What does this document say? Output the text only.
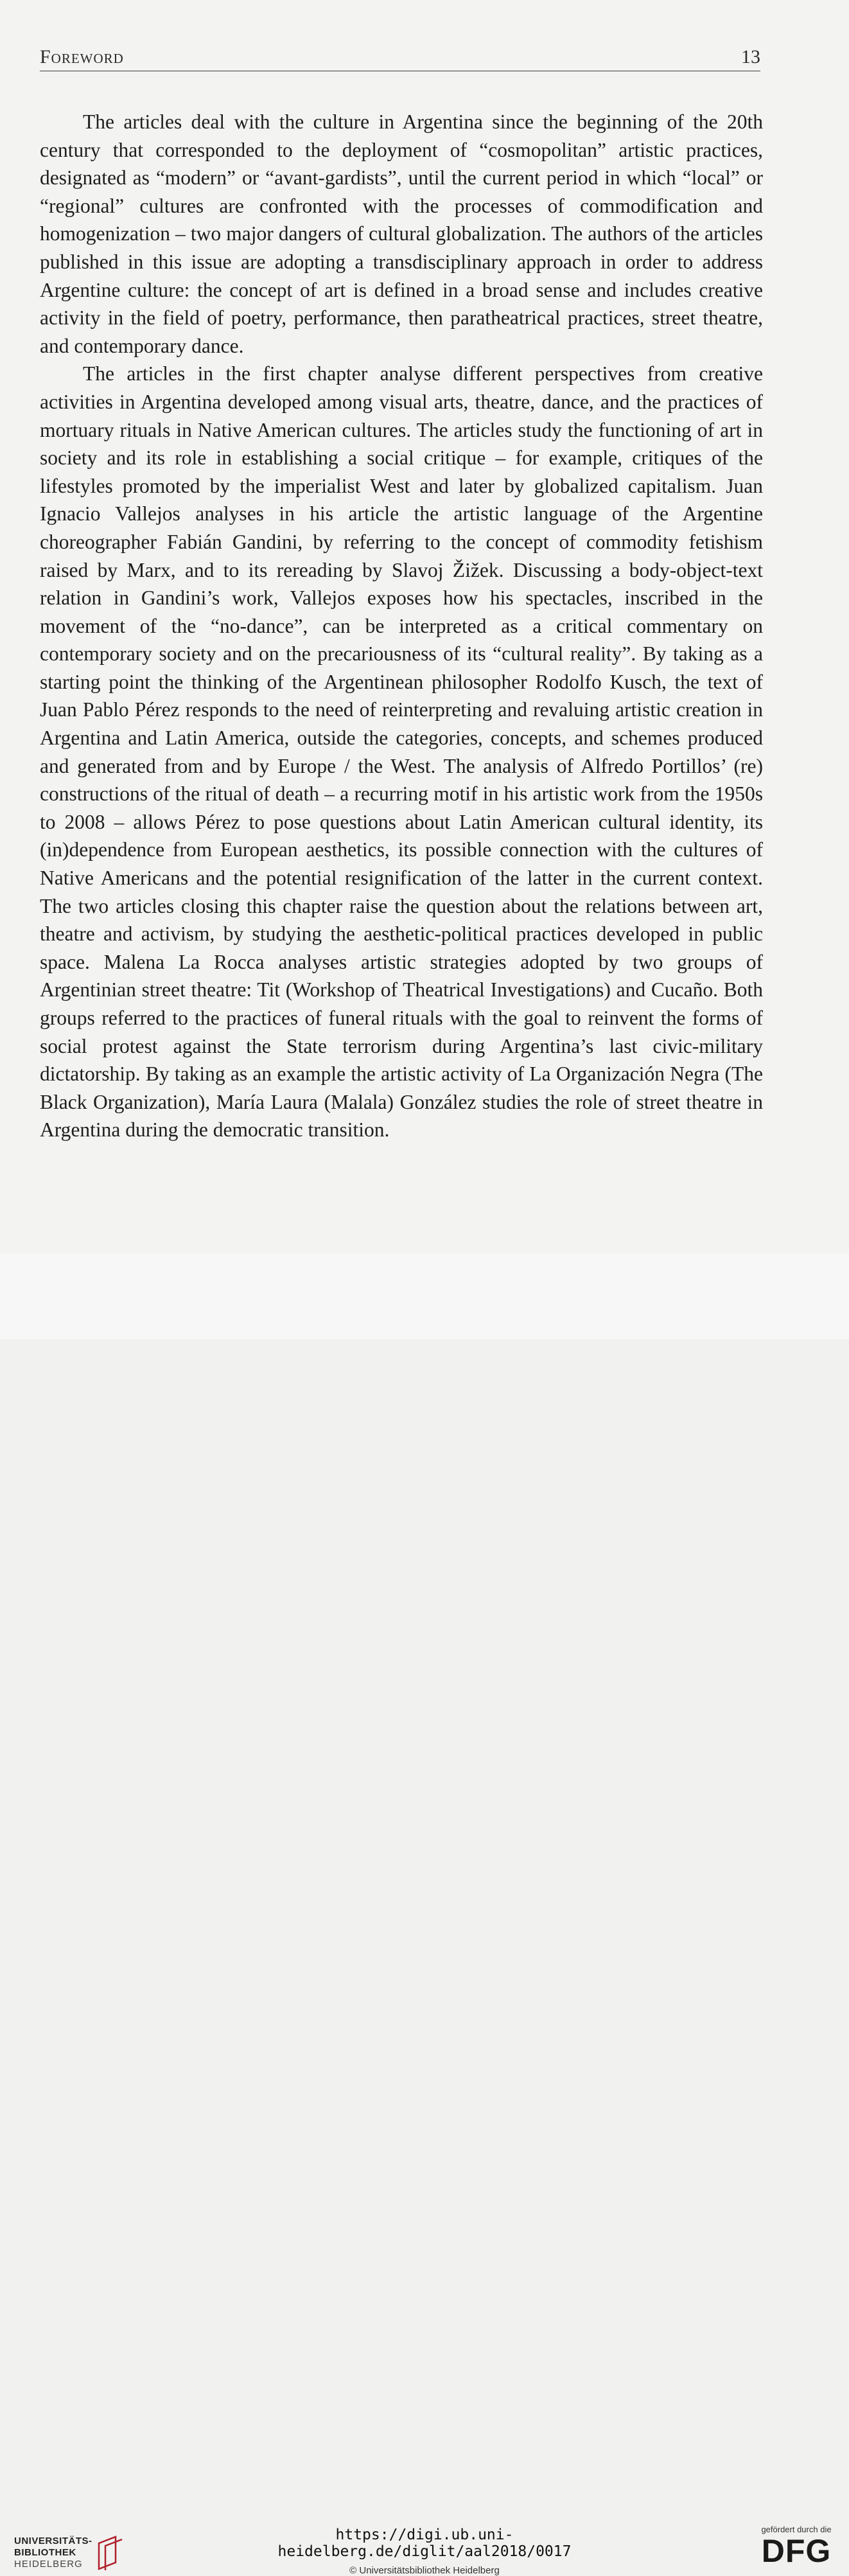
Foreword	13

The articles deal with the culture in Argentina since the beginning of the 20th century that corresponded to the deployment of “cosmopolitan” artistic practices, designated as “modern” or “avant-gardists”, until the current period in which “local” or “regional” cultures are confronted with the processes of commodification and homogenization – two major dangers of cultural globalization. The authors of the articles published in this issue are adopting a transdisciplinary approach in order to address Argentine culture: the concept of art is defined in a broad sense and includes creative activity in the field of poetry, performance, then paratheatrical practices, street theatre, and contemporary dance.

The articles in the first chapter analyse different perspectives from creative activities in Argentina developed among visual arts, theatre, dance, and the practices of mortuary rituals in Native American cultures. The articles study the functioning of art in society and its role in establishing a social critique – for example, critiques of the lifestyles promoted by the imperialist West and later by globalized capitalism. Juan Ignacio Vallejos analyses in his article the artistic language of the Argentine choreographer Fabián Gandini, by referring to the concept of commodity fetishism raised by Marx, and to its rereading by Slavoj Žižek. Discussing a body-object-text relation in Gandini’s work, Vallejos exposes how his spectacles, inscribed in the movement of the “no-dance”, can be interpreted as a critical commentary on contemporary society and on the precariousness of its “cultural reality”. By taking as a starting point the thinking of the Argentinean philosopher Rodolfo Kusch, the text of Juan Pablo Pérez responds to the need of reinterpreting and revaluing artistic creation in Argentina and Latin America, outside the categories, concepts, and schemes produced and generated from and by Europe / the West. The analysis of Alfredo Portillos’ (re) constructions of the ritual of death – a recurring motif in his artistic work from the 1950s to 2008 – allows Pérez to pose questions about Latin American cultural identity, its (in)dependence from European aesthetics, its possible connection with the cultures of Native Americans and the potential resignification of the latter in the current context. The two articles closing this chapter raise the question about the relations between art, theatre and activism, by studying the aesthetic-political practices developed in public space. Malena La Rocca analyses artistic strategies adopted by two groups of Argentinian street theatre: Tit (Workshop of Theatrical Investigations) and Cucaño. Both groups referred to the practices of funeral rituals with the goal to reinvent the forms of social protest against the State terrorism during Argentina’s last civic-military dictatorship. By taking as an example the artistic activity of La Organización Negra (The Black Organization), María Laura (Malala) González studies the role of street theatre in Argentina during the democratic transition.

UNIVERSITÄTS-
BIBLIOTHEK
HEIDELBERG
https://digi.ub.uni-heidelberg.de/diglit/aal2018/0017
© Universitätsbibliothek Heidelberg
gefördert durch die
DFG
